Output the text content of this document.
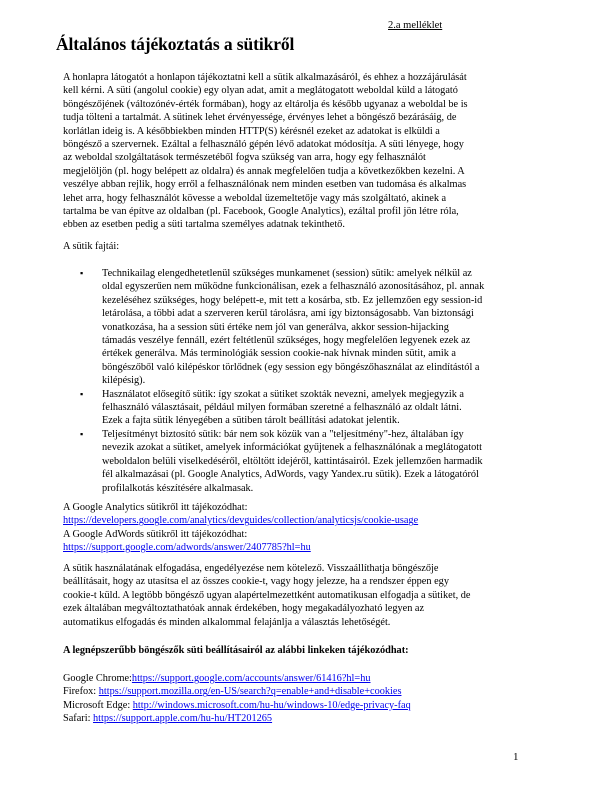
2.a melléklet
Általános tájékoztatás a sütikről
A honlapra látogatót a honlapon tájékoztatni kell a sütik alkalmazásáról, és ehhez a hozzájárulását
kell kérni. A süti (angolul cookie) egy olyan adat, amit a meglátogatott weboldal küld a látogató
böngészőjének (változónév-érték formában), hogy az eltárolja és később ugyanaz a weboldal be is
tudja tölteni a tartalmát. A sütinek lehet érvényessége, érvényes lehet a böngésző bezárásáig, de
korlátlan ideig is. A későbbiekben minden HTTP(S) kérésnél ezeket az adatokat is elküldi a
böngésző a szervernek. Ezáltal a felhasználó gépén lévő adatokat módosítja. A süti lényege, hogy
az weboldal szolgáltatások természetéből fogva szükség van arra, hogy egy felhasználót
megjelöljön (pl. hogy belépett az oldalra) és annak megfelelően tudja a következőkben kezelni. A
veszélye abban rejlik, hogy erről a felhasználónak nem minden esetben van tudomása és alkalmas
lehet arra, hogy felhasználót kövesse a weboldal üzemeltetője vagy más szolgáltató, akinek a
tartalma be van építve az oldalban (pl. Facebook, Google Analytics), ezáltal profil jön létre róla,
ebben az esetben pedig a süti tartalma személyes adatnak tekinthető.
A sütik fajtái:
▪ Technikailag elengedhetetlenül szükséges munkamenet (session) sütik: amelyek nélkül az
oldal egyszerűen nem működne funkcionálisan, ezek a felhasználó azonosításához, pl. annak
kezeléséhez szükséges, hogy belépett-e, mit tett a kosárba, stb. Ez jellemzően egy session-id
letárolása, a többi adat a szerveren kerül tárolásra, ami így biztonságosabb. Van biztonsági
vonatkozása, ha a session süti értéke nem jól van generálva, akkor session-hijacking
támadás veszélye fennáll, ezért feltétlenül szükséges, hogy megfelelően legyenek ezek az
értékek generálva. Más terminológiák session cookie-nak hívnak minden sütit, amik a
böngészőből való kilépéskor törlődnek (egy session egy böngészőhasználat az elindítástól a
kilépésig).
▪ Használatot elősegítő sütik: így szokat a sütiket szokták nevezni, amelyek megjegyzik a
felhasználó választásait, például milyen formában szeretné a felhasználó az oldalt látni.
Ezek a fajta sütik lényegében a sütiben tárolt beállítási adatokat jelentik.
▪ Teljesítményt biztosító sütik: bár nem sok közük van a "teljesítmény"-hez, általában így
nevezik azokat a sütiket, amelyek információkat gyűjtenek a felhasználónak a meglátogatott
weboldalon belüli viselkedéséről, eltöltött idejéről, kattintásairól. Ezek jellemzően harmadik
fél alkalmazásai (pl. Google Analytics, AdWords, vagy Yandex.ru sütik). Ezek a látogatóról
profilalkotás készítésére alkalmasak.
A Google Analytics sütikről itt tájékozódhat:
https://developers.google.com/analytics/devguides/collection/analyticsjs/cookie-usage
A Google AdWords sütikről itt tájékozódhat:
https://support.google.com/adwords/answer/2407785?hl=hu
A sütik használatának elfogadása, engedélyezése nem kötelező. Visszaállíthatja böngészője
beállításait, hogy az utasítsa el az összes cookie-t, vagy hogy jelezze, ha a rendszer éppen egy
cookie-t küld. A legtöbb böngésző ugyan alapértelmezettként automatikusan elfogadja a sütiket, de
ezek általában megváltoztathatóak annak érdekében, hogy megakadályozható legyen az
automatikus elfogadás és minden alkalommal felajánlja a választás lehetőségét.
A legnépszerűbb böngészők süti beállításairól az alábbi linkeken tájékozódhat:
Google Chrome:https://support.google.com/accounts/answer/61416?hl=hu
Firefox: https://support.mozilla.org/en-US/search?q=enable+and+disable+cookies
Microsoft Edge: http://windows.microsoft.com/hu-hu/windows-10/edge-privacy-faq
Safari: https://support.apple.com/hu-hu/HT201265
1
